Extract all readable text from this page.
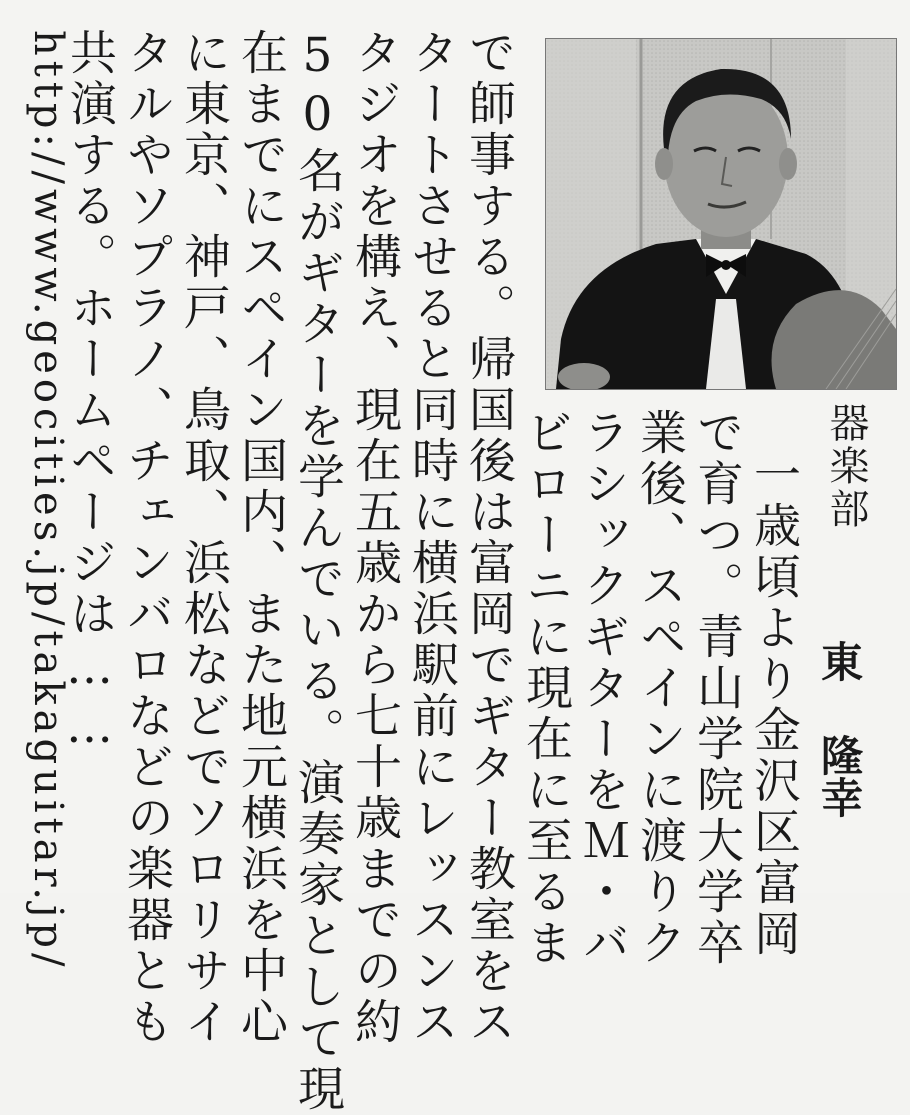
器楽部

東隆幸

一歳頃より金沢区富岡

で育つ。青山学院大学卒

業後、スペインに渡りク

ラシックギターをＭ・バ

ビローニに現在に至るま

で師事する。帰国後は富岡でギター教室をス

タートさせると同時に横浜駅前にレッスンス

タジオを構え、現在五歳から七十歳までの約

50名がギターを学んでいる。演奏家として現

在までにスペイン国内、また地元横浜を中心

に東京、神戸、鳥取、浜松などでソロリサイ

タルやソプラノ、チェンバロなどの楽器とも

共演する。ホームページは……

http://www.geocities.jp/takaguitar.jp/
